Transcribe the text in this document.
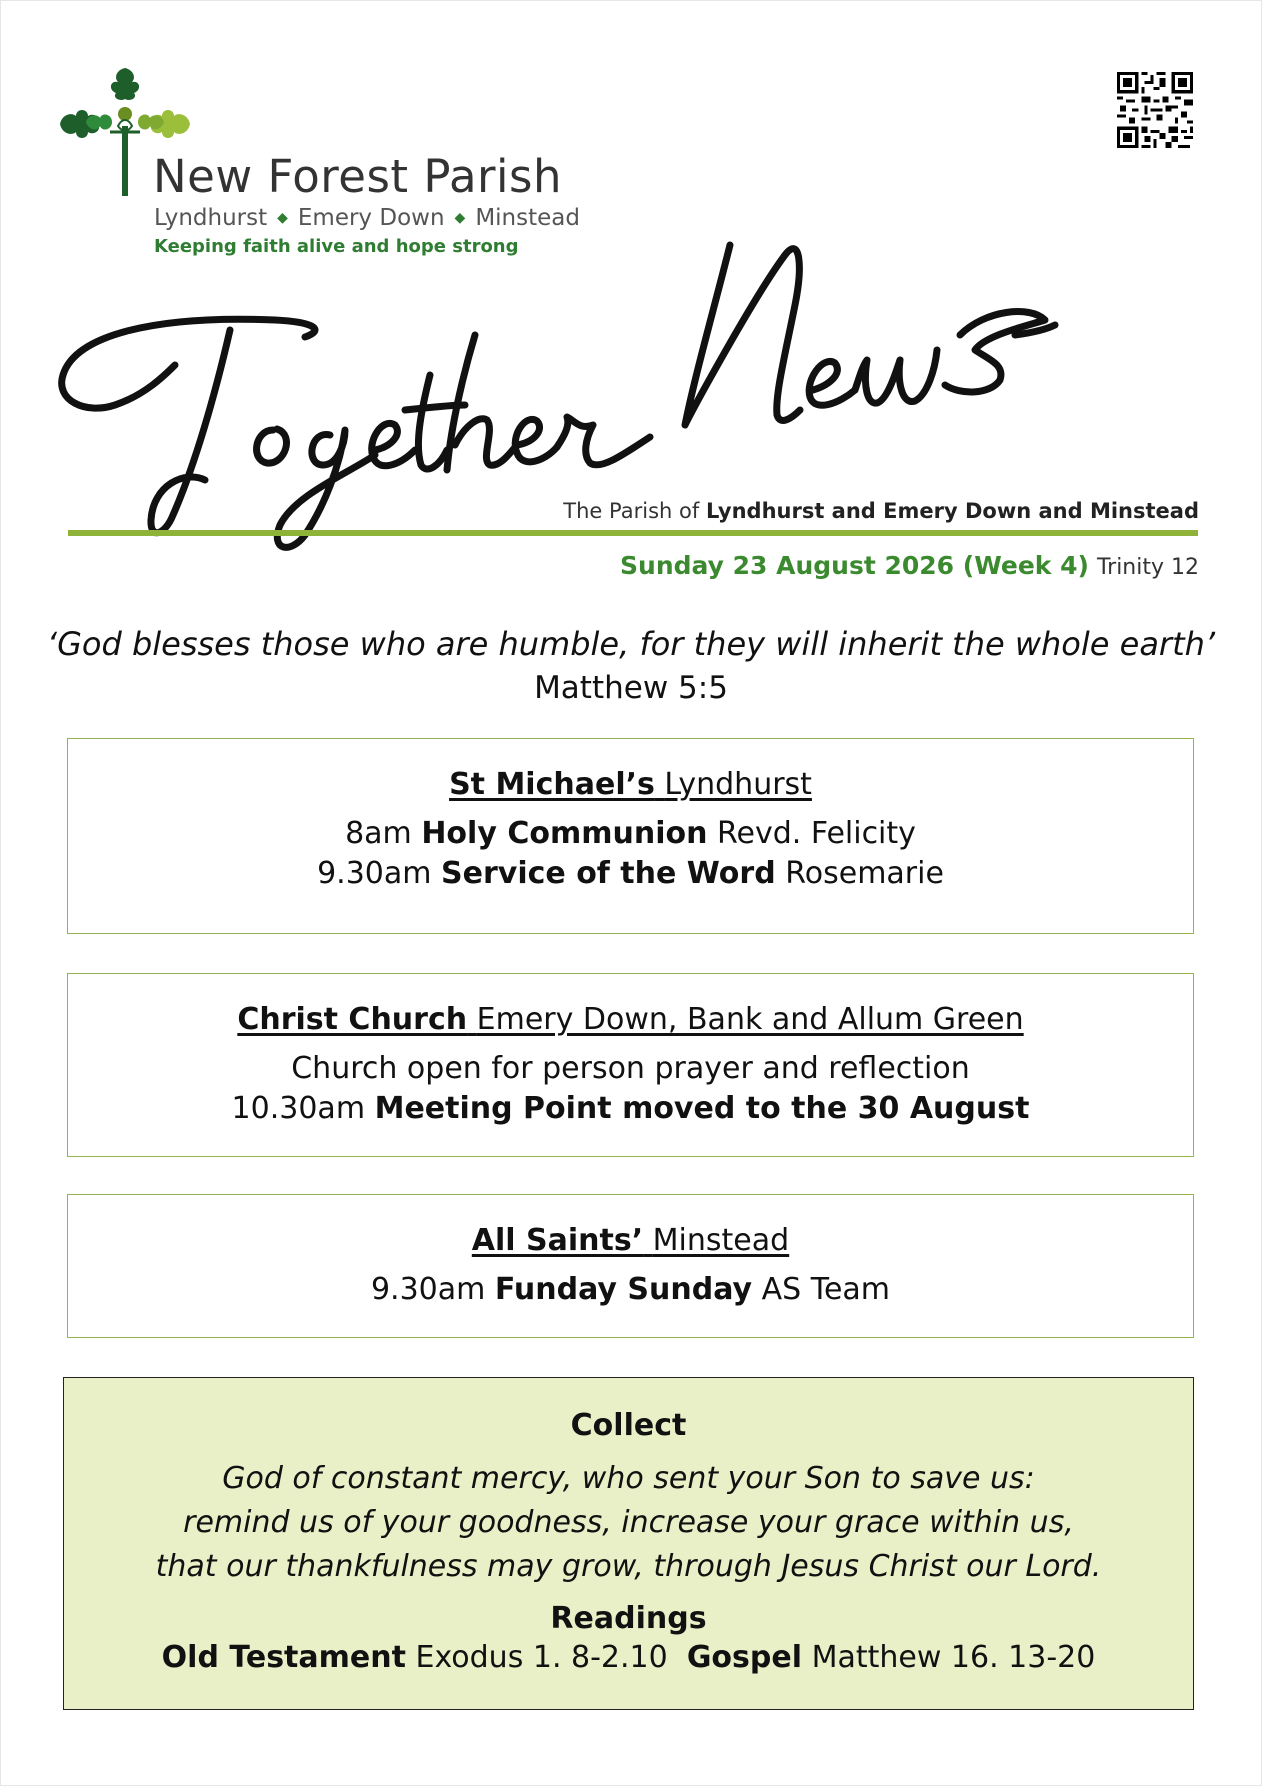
New Forest Parish
Lyndhurst ◆ Emery Down ◆ Minstead
Keeping faith alive and hope strong
The Parish of Lyndhurst and Emery Down and Minstead
Sunday 23 August 2026 (Week 4) Trinity 12
‘God blesses those who are humble, for they will inherit the whole earth’
Matthew 5:5
St Michael’s Lyndhurst
8am Holy Communion Revd. Felicity
9.30am Service of the Word Rosemarie
Christ Church Emery Down, Bank and Allum Green
Church open for person prayer and reflection
10.30am Meeting Point moved to the 30 August
All Saints’ Minstead
9.30am Funday Sunday AS Team
Collect
God of constant mercy, who sent your Son to save us:
remind us of your goodness, increase your grace within us,
that our thankfulness may grow, through Jesus Christ our Lord.
Readings
Old Testament Exodus 1. 8-2.10 Gospel Matthew 16. 13-20
